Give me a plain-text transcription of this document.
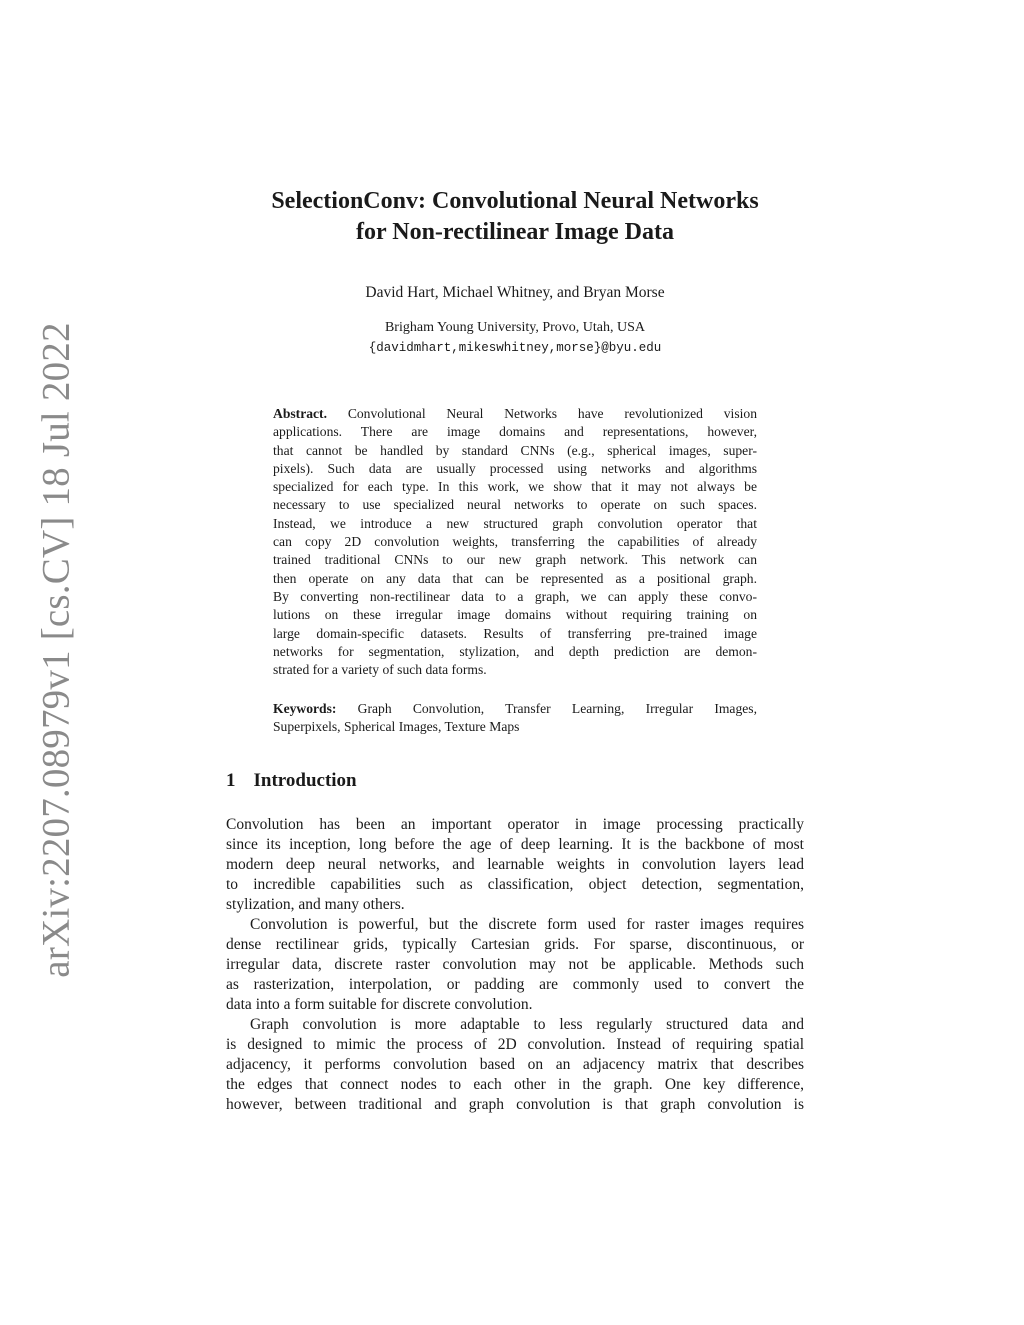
arXiv:2207.08979v1 [cs.CV] 18 Jul 2022
SelectionConv: Convolutional Neural Networks
for Non-rectilinear Image Data
David Hart, Michael Whitney, and Bryan Morse
Brigham Young University, Provo, Utah, USA
{davidmhart,mikeswhitney,morse}@byu.edu
Abstract. Convolutional Neural Networks have revolutionized vision
applications. There are image domains and representations, however,
that cannot be handled by standard CNNs (e.g., spherical images, super-
pixels). Such data are usually processed using networks and algorithms
specialized for each type. In this work, we show that it may not always be
necessary to use specialized neural networks to operate on such spaces.
Instead, we introduce a new structured graph convolution operator that
can copy 2D convolution weights, transferring the capabilities of already
trained traditional CNNs to our new graph network. This network can
then operate on any data that can be represented as a positional graph.
By converting non-rectilinear data to a graph, we can apply these convo-
lutions on these irregular image domains without requiring training on
large domain-specific datasets. Results of transferring pre-trained image
networks for segmentation, stylization, and depth prediction are demon-
strated for a variety of such data forms.
Keywords: Graph Convolution, Transfer Learning, Irregular Images,
Superpixels, Spherical Images, Texture Maps
1 Introduction
Convolution has been an important operator in image processing practically
since its inception, long before the age of deep learning. It is the backbone of most
modern deep neural networks, and learnable weights in convolution layers lead
to incredible capabilities such as classification, object detection, segmentation,
stylization, and many others.
Convolution is powerful, but the discrete form used for raster images requires
dense rectilinear grids, typically Cartesian grids. For sparse, discontinuous, or
irregular data, discrete raster convolution may not be applicable. Methods such
as rasterization, interpolation, or padding are commonly used to convert the
data into a form suitable for discrete convolution.
Graph convolution is more adaptable to less regularly structured data and
is designed to mimic the process of 2D convolution. Instead of requiring spatial
adjacency, it performs convolution based on an adjacency matrix that describes
the edges that connect nodes to each other in the graph. One key difference,
however, between traditional and graph convolution is that graph convolution is
